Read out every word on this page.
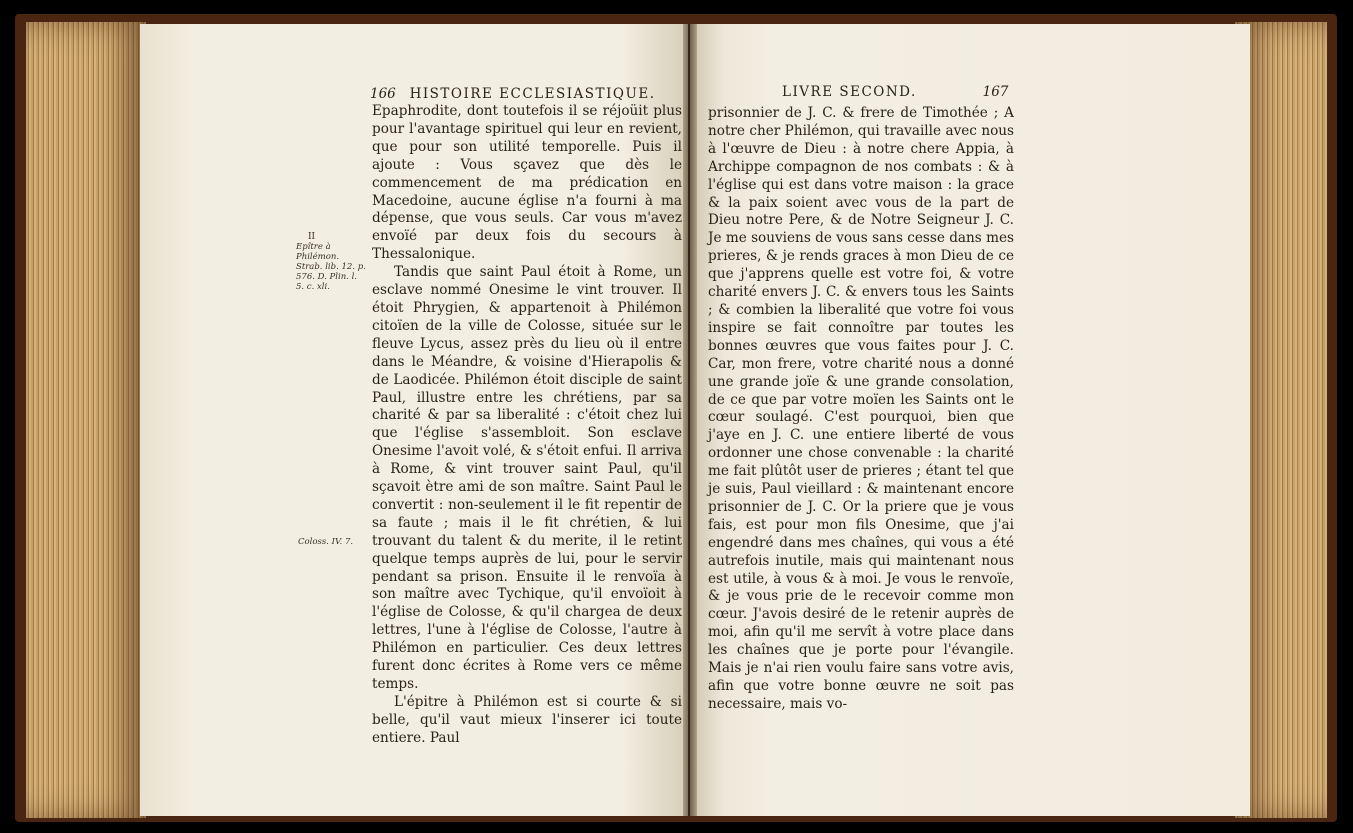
166 HISTOIRE ECCLESIASTIQUE.
II
Epître à Philémon. Strab. lib. 12. p. 576. D. Plin. l. 5. c. xli.
Coloss. IV. 7.

Epaphrodite, dont toutefois il se réjoüit plus pour l'avantage spirituel qui leur en revient, que pour son utilité temporelle. Puis il ajoute : Vous sçavez que dès le commencement de ma prédication en Macedoine, aucune église n'a fourni à ma dépense, que vous seuls. Car vous m'avez envoïé par deux fois du secours à Thessalonique.

Tandis que saint Paul étoit à Rome, un esclave nommé Onesime le vint trouver. Il étoit Phrygien, & appartenoit à Philémon citoïen de la ville de Colosse, située sur le fleuve Lycus, assez près du lieu où il entre dans le Méandre, & voisine d'Hierapolis & de Laodicée. Philémon étoit disciple de saint Paul, illustre entre les chrétiens, par sa charité & par sa liberalité : c'étoit chez lui que l'église s'assembloit. Son esclave Onesime l'avoit volé, & s'étoit enfui. Il arriva à Rome, & vint trouver saint Paul, qu'il sçavoit ètre ami de son maître. Saint Paul le convertit : non-seulement il le fit repentir de sa faute ; mais il le fit chrétien, & lui trouvant du talent & du merite, il le retint quelque temps auprès de lui, pour le servir pendant sa prison. Ensuite il le renvoïa à son maître avec Tychique, qu'il envoïoit à l'église de Colosse, & qu'il chargea de deux lettres, l'une à l'église de Colosse, l'autre à Philémon en particulier. Ces deux lettres furent donc écrites à Rome vers ce même temps.

L'épitre à Philémon est si courte & si belle, qu'il vaut mieux l'inserer ici toute entiere. Paul

LIVRE SECOND.	167

prisonnier de J. C. & frere de Timothée ; A notre cher Philémon, qui travaille avec nous à l'œuvre de Dieu : à notre chere Appia, à Archippe compagnon de nos combats : & à l'église qui est dans votre maison : la grace & la paix soient avec vous de la part de Dieu notre Pere, & de Notre Seigneur J. C. Je me souviens de vous sans cesse dans mes prieres, & je rends graces à mon Dieu de ce que j'apprens quelle est votre foi, & votre charité envers J. C. & envers tous les Saints ; & combien la liberalité que votre foi vous inspire se fait connoître par toutes les bonnes œuvres que vous faites pour J. C. Car, mon frere, votre charité nous a donné une grande joïe & une grande consolation, de ce que par votre moïen les Saints ont le cœur soulagé. C'est pourquoi, bien que j'aye en J. C. une entiere liberté de vous ordonner une chose convenable : la charité me fait plûtôt user de prieres ; étant tel que je suis, Paul vieillard : & maintenant encore prisonnier de J. C. Or la priere que je vous fais, est pour mon fils Onesime, que j'ai engendré dans mes chaînes, qui vous a été autrefois inutile, mais qui maintenant nous est utile, à vous & à moi. Je vous le renvoïe, & je vous prie de le recevoir comme mon cœur. J'avois desiré de le retenir auprès de moi, afin qu'il me servît à votre place dans les chaînes que je porte pour l'évangile. Mais je n'ai rien voulu faire sans votre avis, afin que votre bonne œuvre ne soit pas necessaire, mais vo-
